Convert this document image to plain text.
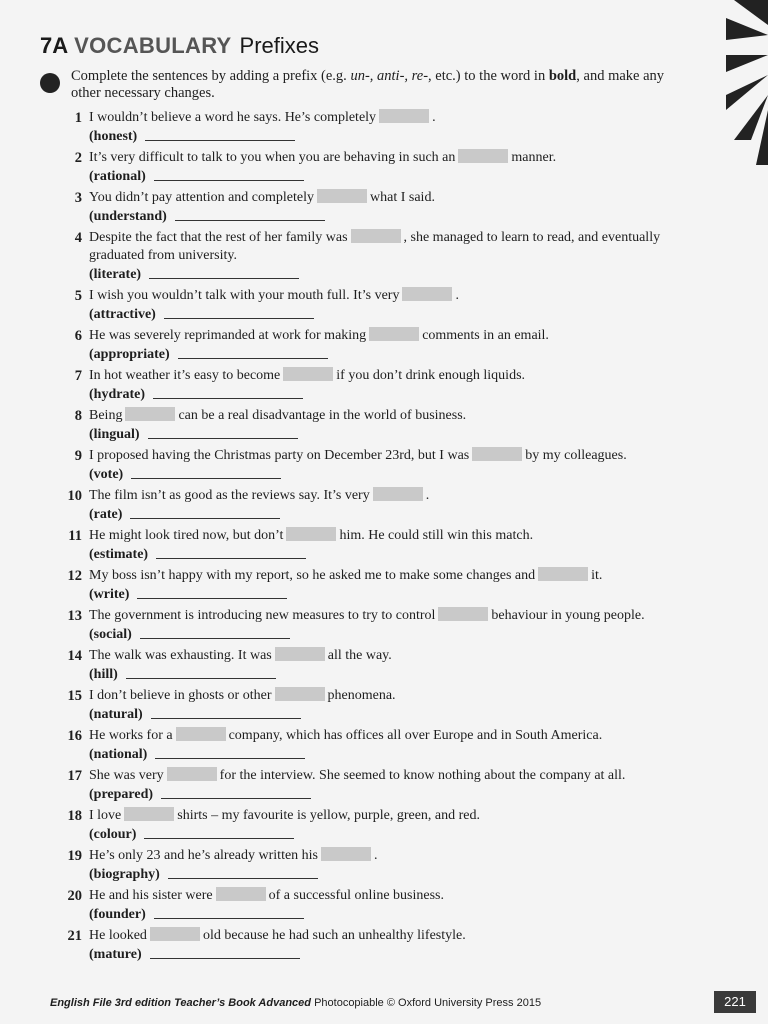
7A VOCABULARY Prefixes
Complete the sentences by adding a prefix (e.g. un-, anti-, re-, etc.) to the word in bold, and make any other necessary changes.
1 I wouldn’t believe a word he says. He’s completely	.
(honest)
2 It’s very difficult to talk to you when you are behaving in such an	manner.
(rational)
3 You didn’t pay attention and completely	what I said.
(understand)
4 Despite the fact that the rest of her family was	, she managed to learn to read, and eventually graduated from university.
(literate)
5 I wish you wouldn’t talk with your mouth full. It’s very	.
(attractive)
6 He was severely reprimanded at work for making	comments in an email.
(appropriate)
7 In hot weather it’s easy to become	if you don’t drink enough liquids.
(hydrate)
8 Being	can be a real disadvantage in the world of business.
(lingual)
9 I proposed having the Christmas party on December 23rd, but I was	by my colleagues.
(vote)
10 The film isn’t as good as the reviews say. It’s very	.
(rate)
11 He might look tired now, but don’t	him. He could still win this match.
(estimate)
12 My boss isn’t happy with my report, so he asked me to make some changes and	it.
(write)
13 The government is introducing new measures to try to control	behaviour in young people.
(social)
14 The walk was exhausting. It was	all the way.
(hill)
15 I don’t believe in ghosts or other	phenomena.
(natural)
16 He works for a	company, which has offices all over Europe and in South America.
(national)
17 She was very	for the interview. She seemed to know nothing about the company at all.
(prepared)
18 I love	shirts – my favourite is yellow, purple, green, and red.
(colour)
19 He’s only 23 and he’s already written his	.
(biography)
20 He and his sister were	of a successful online business.
(founder)
21 He looked	old because he had such an unhealthy lifestyle.
(mature)
English File 3rd edition Teacher’s Book Advanced Photocopiable © Oxford University Press 2015	221
